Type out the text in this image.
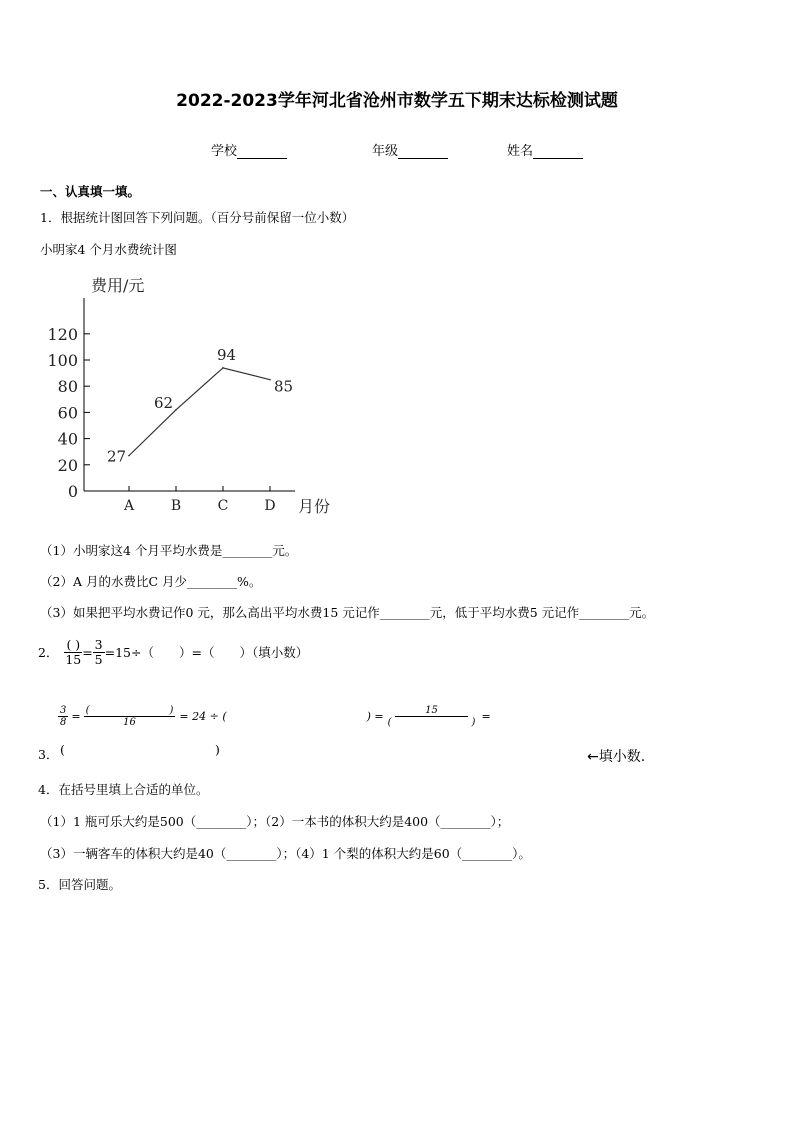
2022-2023学年河北省沧州市数学五下期末达标检测试题
学校	年级	姓名
一、认真填一填。
1．根据统计图回答下列问题。（百分号前保留一位小数）
小明家4 个月水费统计图
费用/元
月份
0
20
40
60
80
100
120
A	B	C	D
27
62
94
85
（1）小明家这4 个月平均水费是________元。
（2）A 月的水费比C 月少________%。
（3）如果把平均水费记作0 元，那么高出平均水费15 元记作________元，低于平均水费5 元记作________元。
2． $\frac{( )}{15} = \frac{3}{5} =15\div$（　　）=（　　）（填小数）
$\frac{3}{8} = \frac{( )}{16} = 24$ ÷ (	) = $\frac{15}{( )}$ =
3． (	)	←填小数.
4．在括号里填上合适的单位。
（1）1 瓶可乐大约是500（________）；（2）一本书的体积大约是400（________）；
（3）一辆客车的体积大约是40（________）；（4）1 个梨的体积大约是60（________）。
5．回答问题。
